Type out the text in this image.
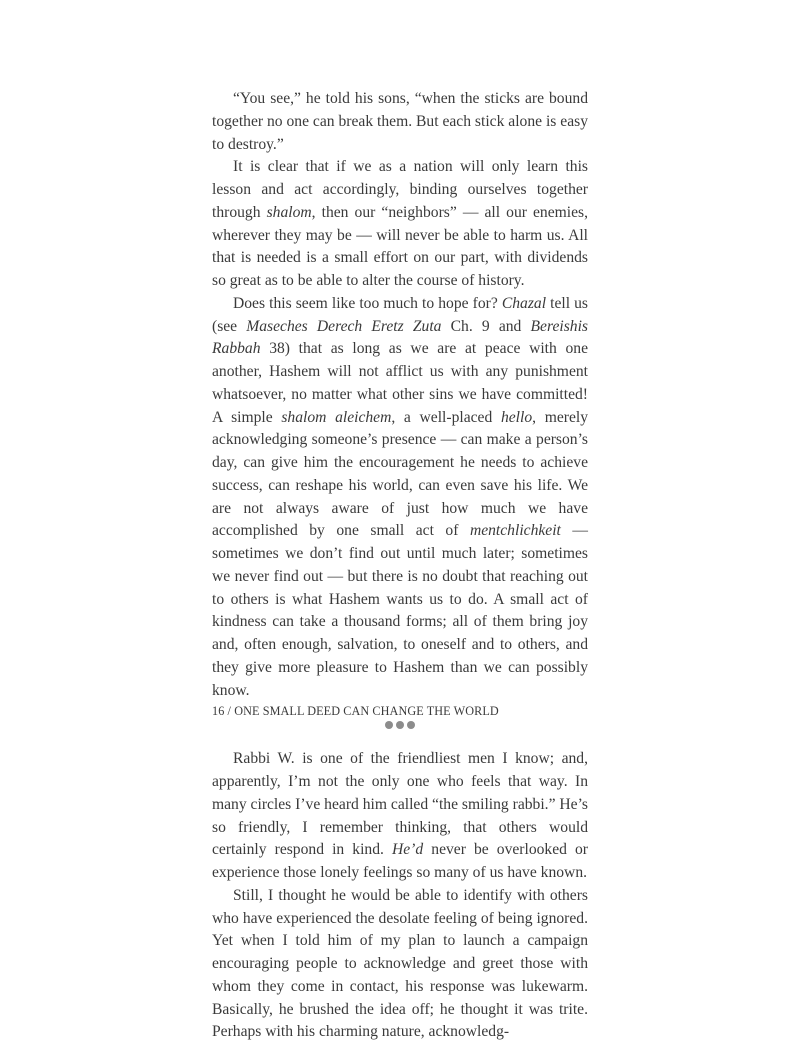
“You see,” he told his sons, “when the sticks are bound together no one can break them. But each stick alone is easy to destroy.”

It is clear that if we as a nation will only learn this lesson and act accordingly, binding ourselves together through shalom, then our “neighbors” — all our enemies, wherever they may be — will never be able to harm us. All that is needed is a small effort on our part, with dividends so great as to be able to alter the course of history.

Does this seem like too much to hope for? Chazal tell us (see Maseches Derech Eretz Zuta Ch. 9 and Bereishis Rabbah 38) that as long as we are at peace with one another, Hashem will not afflict us with any punishment whatsoever, no matter what other sins we have committed! A simple shalom aleichem, a well-placed hello, merely acknowledging someone’s presence — can make a person’s day, can give him the encouragement he needs to achieve success, can reshape his world, can even save his life. We are not always aware of just how much we have accomplished by one small act of mentchlichkeit — sometimes we don’t find out until much later; sometimes we never find out — but there is no doubt that reaching out to others is what Hashem wants us to do. A small act of kindness can take a thousand forms; all of them bring joy and, often enough, salvation, to oneself and to others, and they give more pleasure to Hashem than we can possibly know.

Rabbi W. is one of the friendliest men I know; and, apparently, I’m not the only one who feels that way. In many circles I’ve heard him called “the smiling rabbi.” He’s so friendly, I remember thinking, that others would certainly respond in kind. He’d never be overlooked or experience those lonely feelings so many of us have known.

Still, I thought he would be able to identify with others who have experienced the desolate feeling of being ignored. Yet when I told him of my plan to launch a campaign encouraging people to acknowledge and greet those with whom they come in contact, his response was lukewarm. Basically, he brushed the idea off; he thought it was trite. Perhaps with his charming nature, acknowledg-

16 / ONE SMALL DEED CAN CHANGE THE WORLD
